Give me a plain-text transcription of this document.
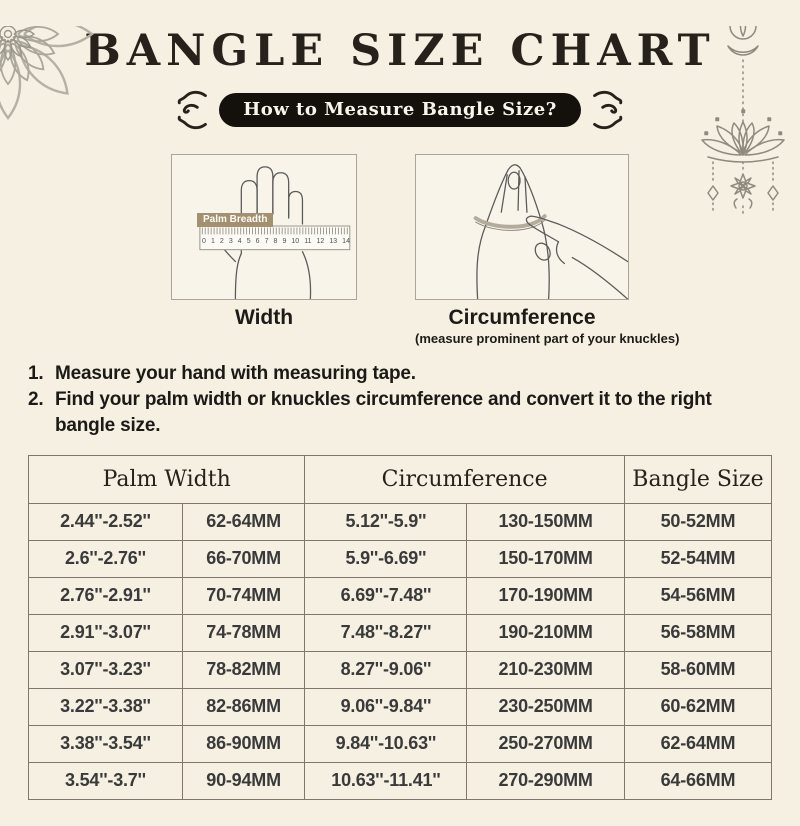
BANGLE SIZE CHART
How to Measure Bangle Size?
Palm Breadth
0 1 2 3 4 5 6 7 8 9 10 11 12 13 14
Width	Circumference
(measure prominent part of your knuckles)
1. Measure your hand with measuring tape.
2. Find your palm width or knuckles circumference and convert it to the right bangle size.
Palm Width		Circumference		Bangle Size
2.44''-2.52''	62-64MM	5.12''-5.9''	130-150MM	50-52MM
2.6''-2.76''	66-70MM	5.9''-6.69''	150-170MM	52-54MM
2.76''-2.91''	70-74MM	6.69''-7.48''	170-190MM	54-56MM
2.91''-3.07''	74-78MM	7.48''-8.27''	190-210MM	56-58MM
3.07''-3.23''	78-82MM	8.27''-9.06''	210-230MM	58-60MM
3.22''-3.38''	82-86MM	9.06''-9.84''	230-250MM	60-62MM
3.38''-3.54''	86-90MM	9.84''-10.63''	250-270MM	62-64MM
3.54''-3.7''	90-94MM	10.63''-11.41''	270-290MM	64-66MM
